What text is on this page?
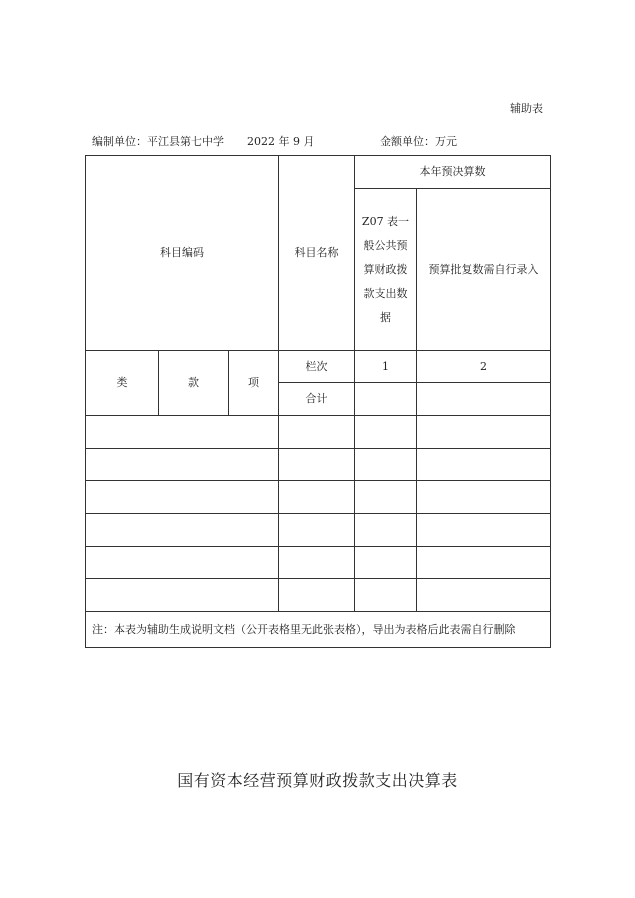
辅助表
编制单位：平江县第七中学 2022 年 9 月	金额单位：万元
科目编码			科目名称	本年预决算数	
				Z07 表一般公共预算财政拨款支出数据	预算批复数需自行录入
类	款	项	栏次	1	2
			合计		

注：本表为辅助生成说明文档（公开表格里无此张表格），导出为表格后此表需自行删除					
国有资本经营预算财政拨款支出决算表
